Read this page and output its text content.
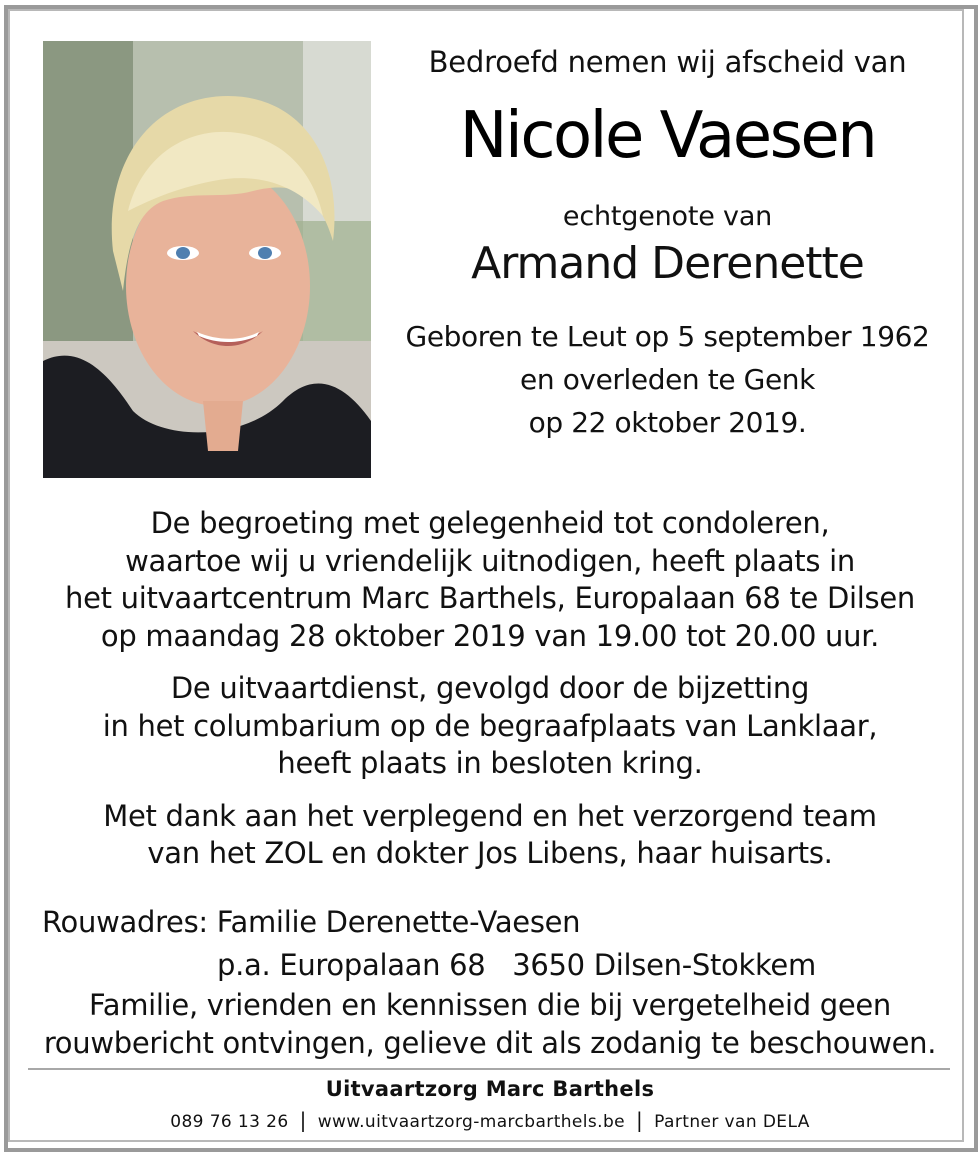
Bedroefd nemen wij afscheid van
Nicole Vaesen
echtgenote van
Armand Derenette
Geboren te Leut op 5 september 1962
en overleden te Genk
op 22 oktober 2019.
De begroeting met gelegenheid tot condoleren,
waartoe wij u vriendelijk uitnodigen, heeft plaats in
het uitvaartcentrum Marc Barthels, Europalaan 68 te Dilsen
op maandag 28 oktober 2019 van 19.00 tot 20.00 uur.
De uitvaartdienst, gevolgd door de bijzetting
in het columbarium op de begraafplaats van Lanklaar,
heeft plaats in besloten kring.
Met dank aan het verplegend en het verzorgend team
van het ZOL en dokter Jos Libens, haar huisarts.
Rouwadres: Familie Derenette-Vaesen
p.a. Europalaan 68   3650 Dilsen-Stokkem
Familie, vrienden en kennissen die bij vergetelheid geen
rouwbericht ontvingen, gelieve dit als zodanig te beschouwen.
Uitvaartzorg Marc Barthels
089 76 13 26 | www.uitvaartzorg-marcbarthels.be | Partner van DELA
